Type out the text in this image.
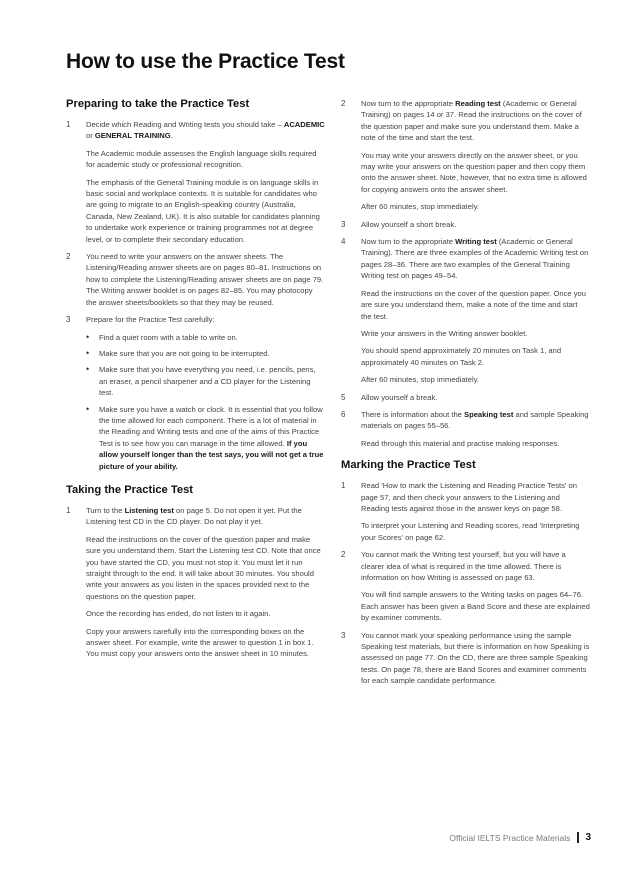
How to use the Practice Test
Preparing to take the Practice Test
1 Decide which Reading and Writing tests you should take – ACADEMIC or GENERAL TRAINING.

The Academic module assesses the English language skills required for academic study or professional recognition.

The emphasis of the General Training module is on language skills in basic social and workplace contexts. It is suitable for candidates who are going to migrate to an English-speaking country (Australia, Canada, New Zealand, UK). It is also suitable for candidates planning to undertake work experience or training programmes not at degree level, or to complete their secondary education.

2 You need to write your answers on the answer sheets. The Listening/Reading answer sheets are on pages 80–81. Instructions on how to complete the Listening/Reading answer sheets are on page 79. The Writing answer booklet is on pages 82–85. You may photocopy the answer sheets/booklets so that they may be reused.

3 Prepare for the Practice Test carefully:

• Find a quiet room with a table to write on.
• Make sure that you are not going to be interrupted.
• Make sure that you have everything you need, i.e. pencils, pens, an eraser, a pencil sharpener and a CD player for the Listening test.
• Make sure you have a watch or clock. It is essential that you follow the time allowed for each component. There is a lot of material in the Reading and Writing tests and one of the aims of this Practice Test is to see how you can manage in the time allowed. If you allow yourself longer than the test says, you will not get a true picture of your ability.
Taking the Practice Test
1 Turn to the Listening test on page 5. Do not open it yet. Put the Listening test CD in the CD player. Do not play it yet.

Read the instructions on the cover of the question paper and make sure you understand them. Start the Listening test CD. Note that once you have started the CD, you must not stop it. You must let it run straight through to the end. It will take about 30 minutes. You should write your answers as you listen in the spaces provided next to the questions on the question paper.

Once the recording has ended, do not listen to it again.

Copy your answers carefully into the corresponding boxes on the answer sheet. For example, write the answer to question 1 in box 1. You must copy your answers onto the answer sheet in 10 minutes.

2 Now turn to the appropriate Reading test (Academic or General Training) on pages 14 or 37. Read the instructions on the cover of the question paper and make sure you understand them. Make a note of the time and start the test.

You may write your answers directly on the answer sheet, or you may write your answers on the question paper and then copy them onto the answer sheet. Note, however, that no extra time is allowed for copying answers onto the answer sheet.

After 60 minutes, stop immediately.

3 Allow yourself a short break.

4 Now turn to the appropriate Writing test (Academic or General Training). There are three examples of the Academic Writing test on pages 28–36. There are two examples of the General Training Writing test on pages 49–54.

Read the instructions on the cover of the question paper. Once you are sure you understand them, make a note of the time and start the test.

Write your answers in the Writing answer booklet.

You should spend approximately 20 minutes on Task 1, and approximately 40 minutes on Task 2.

After 60 minutes, stop immediately.

5 Allow yourself a break.

6 There is information about the Speaking test and sample Speaking materials on pages 55–56.

Read through this material and practise making responses.

Marking the Practice Test
1 Read 'How to mark the Listening and Reading Practice Tests' on page 57, and then check your answers to the Listening and Reading tests against those in the answer keys on page 58.

To interpret your Listening and Reading scores, read 'Interpreting your Scores' on page 62.

2 You cannot mark the Writing test yourself, but you will have a clearer idea of what is required in the time allowed. There is information on how Writing is assessed on page 63.

You will find sample answers to the Writing tasks on pages 64–76. Each answer has been given a Band Score and these are explained by examiner comments.

3 You cannot mark your speaking performance using the sample Speaking test materials, but there is information on how Speaking is assessed on page 77. On the CD, there are three sample Speaking tests. On page 78, there are Band Scores and examiner comments for each sample candidate performance.

Official IELTS Practice Materials 3
